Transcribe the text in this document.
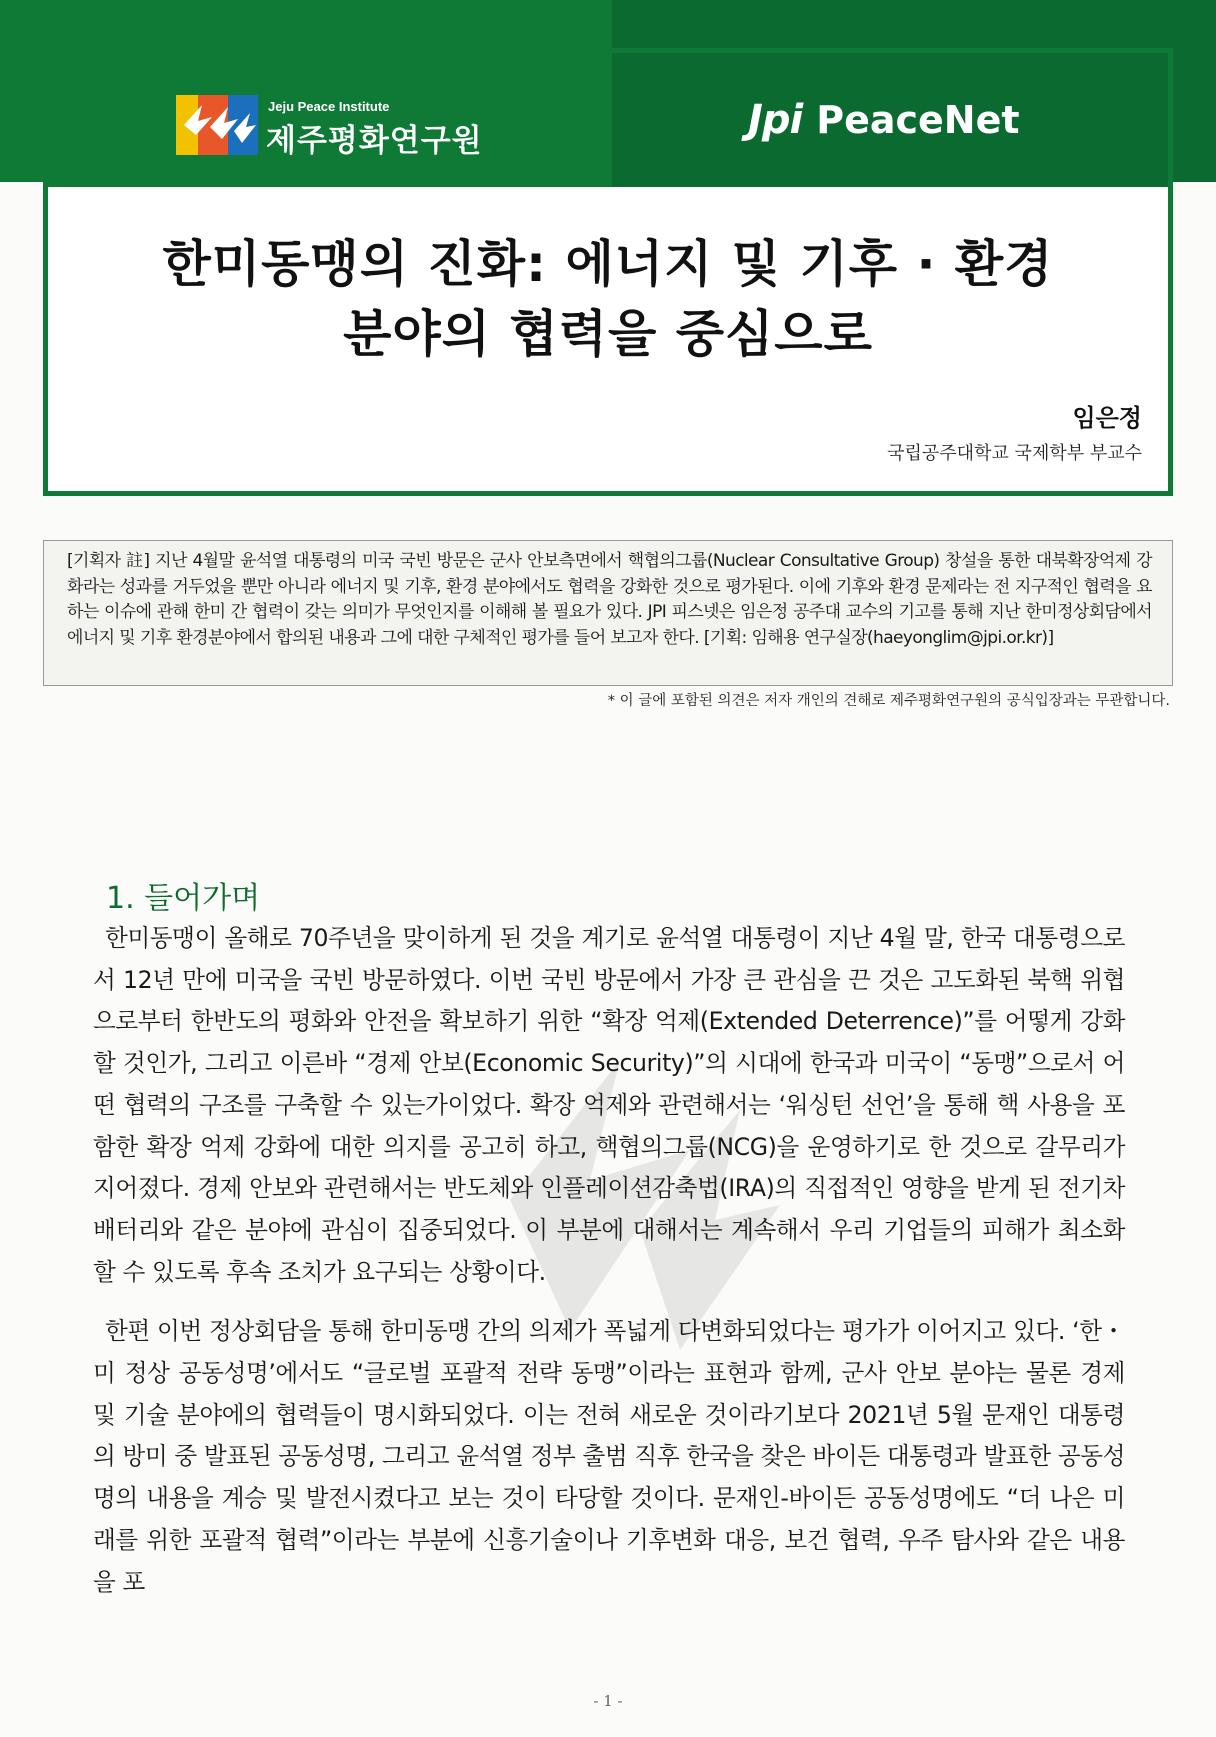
Jeju Peace Institute
제주평화연구원	Jpi PeaceNet
한미동맹의 진화: 에너지 및 기후 · 환경
분야의 협력을 중심으로
임은정
국립공주대학교 국제학부 부교수
[기획자 註] 지난 4월말 윤석열 대통령의 미국 국빈 방문은 군사 안보측면에서 핵협의그룹(Nuclear Consultative Group) 창설을 통한 대북확장억제 강화라는 성과를 거두었을 뿐만 아니라 에너지 및 기후, 환경 분야에서도 협력을 강화한 것으로 평가된다. 이에 기후와 환경 문제라는 전 지구적인 협력을 요하는 이슈에 관해 한미 간 협력이 갖는 의미가 무엇인지를 이해해 볼 필요가 있다. JPI 피스넷은 임은정 공주대 교수의 기고를 통해 지난 한미정상회담에서 에너지 및 기후 환경분야에서 합의된 내용과 그에 대한 구체적인 평가를 들어 보고자 한다. [기획: 임해용 연구실장(haeyonglim@jpi.or.kr)]
* 이 글에 포함된 의견은 저자 개인의 견해로 제주평화연구원의 공식입장과는 무관합니다.
1. 들어가며

한미동맹이 올해로 70주년을 맞이하게 된 것을 계기로 윤석열 대통령이 지난 4월 말, 한국 대통령으로서 12년 만에 미국을 국빈 방문하였다. 이번 국빈 방문에서 가장 큰 관심을 끈 것은 고도화된 북핵 위협으로부터 한반도의 평화와 안전을 확보하기 위한 “확장 억제(Extended Deterrence)”를 어떻게 강화할 것인가, 그리고 이른바 “경제 안보(Economic Security)”의 시대에 한국과 미국이 “동맹”으로서 어떤 협력의 구조를 구축할 수 있는가이었다. 확장 억제와 관련해서는 ‘워싱턴 선언’을 통해 핵 사용을 포함한 확장 억제 강화에 대한 의지를 공고히 하고, 핵협의그룹(NCG)을 운영하기로 한 것으로 갈무리가 지어졌다. 경제 안보와 관련해서는 반도체와 인플레이션감축법(IRA)의 직접적인 영향을 받게 된 전기차 배터리와 같은 분야에 관심이 집중되었다. 이 부분에 대해서는 계속해서 우리 기업들의 피해가 최소화할 수 있도록 후속 조치가 요구되는 상황이다.

한편 이번 정상회담을 통해 한미동맹 간의 의제가 폭넓게 다변화되었다는 평가가 이어지고 있다. ‘한・미 정상 공동성명’에서도 “글로벌 포괄적 전략 동맹”이라는 표현과 함께, 군사 안보 분야는 물론 경제 및 기술 분야에의 협력들이 명시화되었다. 이는 전혀 새로운 것이라기보다 2021년 5월 문재인 대통령의 방미 중 발표된 공동성명, 그리고 윤석열 정부 출범 직후 한국을 찾은 바이든 대통령과 발표한 공동성명의 내용을 계승 및 발전시켰다고 보는 것이 타당할 것이다. 문재인-바이든 공동성명에도 “더 나은 미래를 위한 포괄적 협력”이라는 부분에 신흥기술이나 기후변화 대응, 보건 협력, 우주 탐사와 같은 내용을 포

- 1 -
